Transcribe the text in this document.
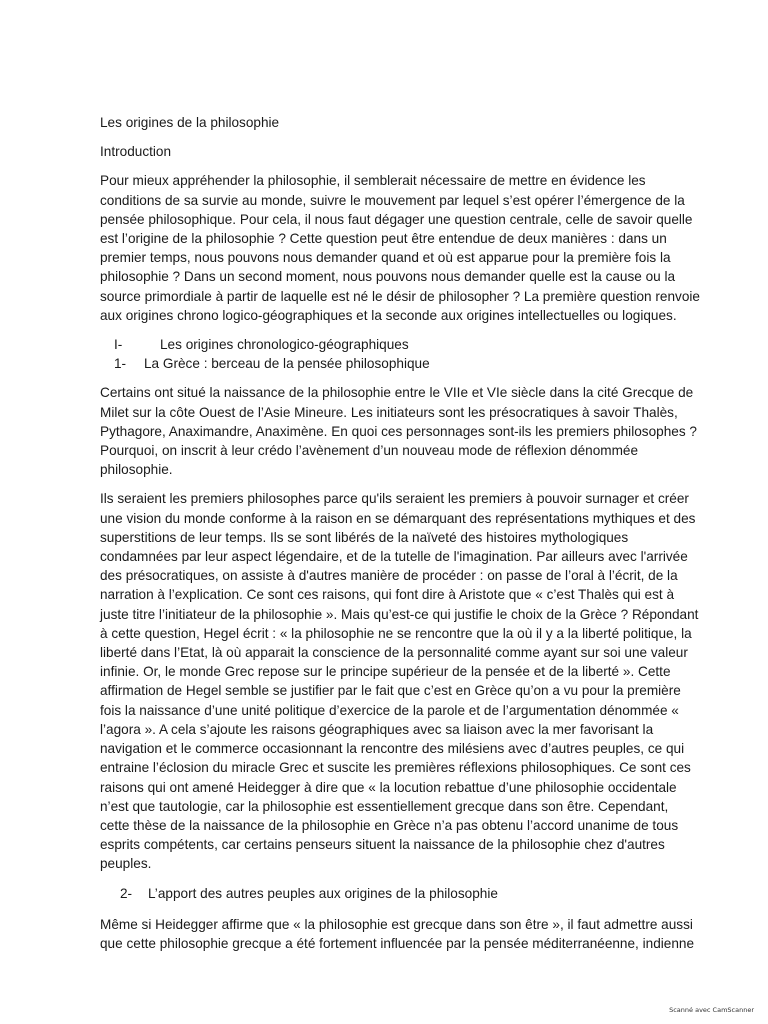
Les origines de la philosophie

Introduction

Pour mieux appréhender la philosophie, il semblerait nécessaire de mettre en évidence les conditions de sa survie au monde, suivre le mouvement par lequel s’est opérer l’émergence de la pensée philosophique. Pour cela, il nous faut dégager une question centrale, celle de savoir quelle est l’origine de la philosophie ? Cette question peut être entendue de deux manières : dans un premier temps, nous pouvons nous demander quand et où est apparue pour la première fois la philosophie ? Dans un second moment, nous pouvons nous demander quelle est la cause ou la source primordiale à partir de laquelle est né le désir de philosopher ? La première question renvoie aux origines chrono logico-géographiques et la seconde aux origines intellectuelles ou logiques.

I-	Les origines chronologico-géographiques
1-	La Grèce : berceau de la pensée philosophique

Certains ont situé la naissance de la philosophie entre le VIIe et VIe siècle dans la cité Grecque de Milet sur la côte Ouest de l’Asie Mineure. Les initiateurs sont les présocratiques à savoir Thalès, Pythagore, Anaximandre, Anaximène. En quoi ces personnages sont-ils les premiers philosophes ? Pourquoi, on inscrit à leur crédo l’avènement d’un nouveau mode de réflexion dénommée philosophie.

Ils seraient les premiers philosophes parce qu'ils seraient les premiers à pouvoir surnager et créer une vision du monde conforme à la raison en se démarquant des représentations mythiques et des superstitions de leur temps. Ils se sont libérés de la naïveté des histoires mythologiques condamnées par leur aspect légendaire, et de la tutelle de l'imagination. Par ailleurs avec l'arrivée des présocratiques, on assiste à d'autres manière de procéder : on passe de l’oral à l’écrit, de la narration à l’explication. Ce sont ces raisons, qui font dire à Aristote que « c’est Thalès qui est à juste titre l’initiateur de la philosophie ». Mais qu’est-ce qui justifie le choix de la Grèce ? Répondant à cette question, Hegel écrit : « la philosophie ne se rencontre que la où il y a la liberté politique, la liberté dans l’Etat, là où apparait la conscience de la personnalité comme ayant sur soi une valeur infinie. Or, le monde Grec repose sur le principe supérieur de la pensée et de la liberté ». Cette affirmation de Hegel semble se justifier par le fait que c’est en Grèce qu’on a vu pour la première fois la naissance d’une unité politique d’exercice de la parole et de l’argumentation dénommée « l’agora ». A cela s’ajoute les raisons géographiques avec sa liaison avec la mer favorisant la navigation et le commerce occasionnant la rencontre des milésiens avec d’autres peuples, ce qui entraine l’éclosion du miracle Grec et suscite les premières réflexions philosophiques. Ce sont ces raisons qui ont amené Heidegger à dire que « la locution rebattue d’une philosophie occidentale n’est que tautologie, car la philosophie est essentiellement grecque dans son être. Cependant, cette thèse de la naissance de la philosophie en Grèce n’a pas obtenu l’accord unanime de tous esprits compétents, car certains penseurs situent la naissance de la philosophie chez d'autres peuples.

2-	L’apport des autres peuples aux origines de la philosophie

Même si Heidegger affirme que « la philosophie est grecque dans son être », il faut admettre aussi que cette philosophie grecque a été fortement influencée par la pensée méditerranéenne, indienne

Scanné avec CamScanner
